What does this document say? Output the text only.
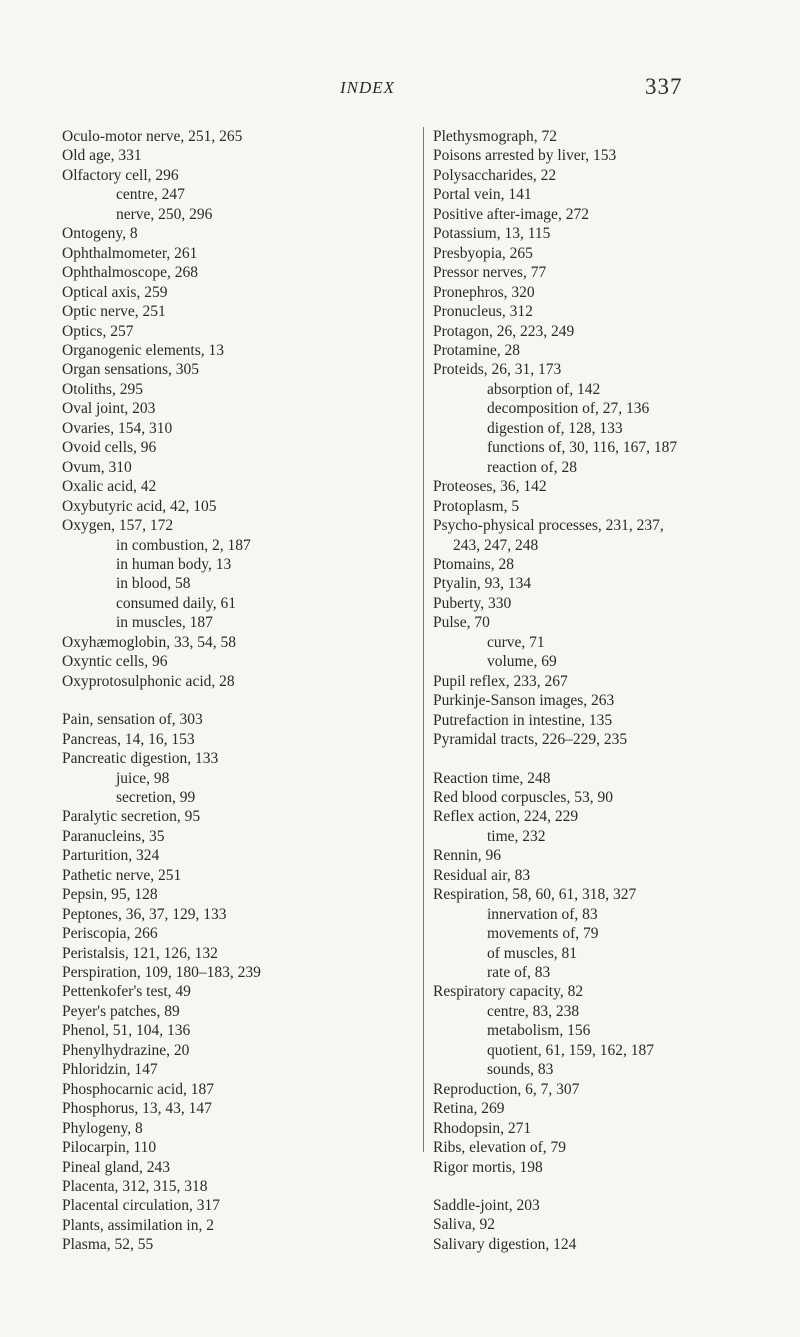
INDEX	337
Oculo-motor nerve, 251, 265
Old age, 331
Olfactory cell, 296
centre, 247
nerve, 250, 296
Ontogeny, 8
Ophthalmometer, 261
Ophthalmoscope, 268
Optical axis, 259
Optic nerve, 251
Optics, 257
Organogenic elements, 13
Organ sensations, 305
Otoliths, 295
Oval joint, 203
Ovaries, 154, 310
Ovoid cells, 96
Ovum, 310
Oxalic acid, 42
Oxybutyric acid, 42, 105
Oxygen, 157, 172
in combustion, 2, 187
in human body, 13
in blood, 58
consumed daily, 61
in muscles, 187
Oxyhæmoglobin, 33, 54, 58
Oxyntic cells, 96
Oxyprotosulphonic acid, 28
Pain, sensation of, 303
Pancreas, 14, 16, 153
Pancreatic digestion, 133
juice, 98
secretion, 99
Paralytic secretion, 95
Paranucleins, 35
Parturition, 324
Pathetic nerve, 251
Pepsin, 95, 128
Peptones, 36, 37, 129, 133
Periscopia, 266
Peristalsis, 121, 126, 132
Perspiration, 109, 180–183, 239
Pettenkofer's test, 49
Peyer's patches, 89
Phenol, 51, 104, 136
Phenylhydrazine, 20
Phloridzin, 147
Phosphocarnic acid, 187
Phosphorus, 13, 43, 147
Phylogeny, 8
Pilocarpin, 110
Pineal gland, 243
Placenta, 312, 315, 318
Placental circulation, 317
Plants, assimilation in, 2
Plasma, 52, 55
Plethysmograph, 72
Poisons arrested by liver, 153
Polysaccharides, 22
Portal vein, 141
Positive after-image, 272
Potassium, 13, 115
Presbyopia, 265
Pressor nerves, 77
Pronephros, 320
Pronucleus, 312
Protagon, 26, 223, 249
Protamine, 28
Proteids, 26, 31, 173
absorption of, 142
decomposition of, 27, 136
digestion of, 128, 133
functions of, 30, 116, 167, 187
reaction of, 28
Proteoses, 36, 142
Protoplasm, 5
Psycho-physical processes, 231, 237,
243, 247, 248
Ptomains, 28
Ptyalin, 93, 134
Puberty, 330
Pulse, 70
curve, 71
volume, 69
Pupil reflex, 233, 267
Purkinje-Sanson images, 263
Putrefaction in intestine, 135
Pyramidal tracts, 226–229, 235
Reaction time, 248
Red blood corpuscles, 53, 90
Reflex action, 224, 229
time, 232
Rennin, 96
Residual air, 83
Respiration, 58, 60, 61, 318, 327
innervation of, 83
movements of, 79
of muscles, 81
rate of, 83
Respiratory capacity, 82
centre, 83, 238
metabolism, 156
quotient, 61, 159, 162, 187
sounds, 83
Reproduction, 6, 7, 307
Retina, 269
Rhodopsin, 271
Ribs, elevation of, 79
Rigor mortis, 198
Saddle-joint, 203
Saliva, 92
Salivary digestion, 124
